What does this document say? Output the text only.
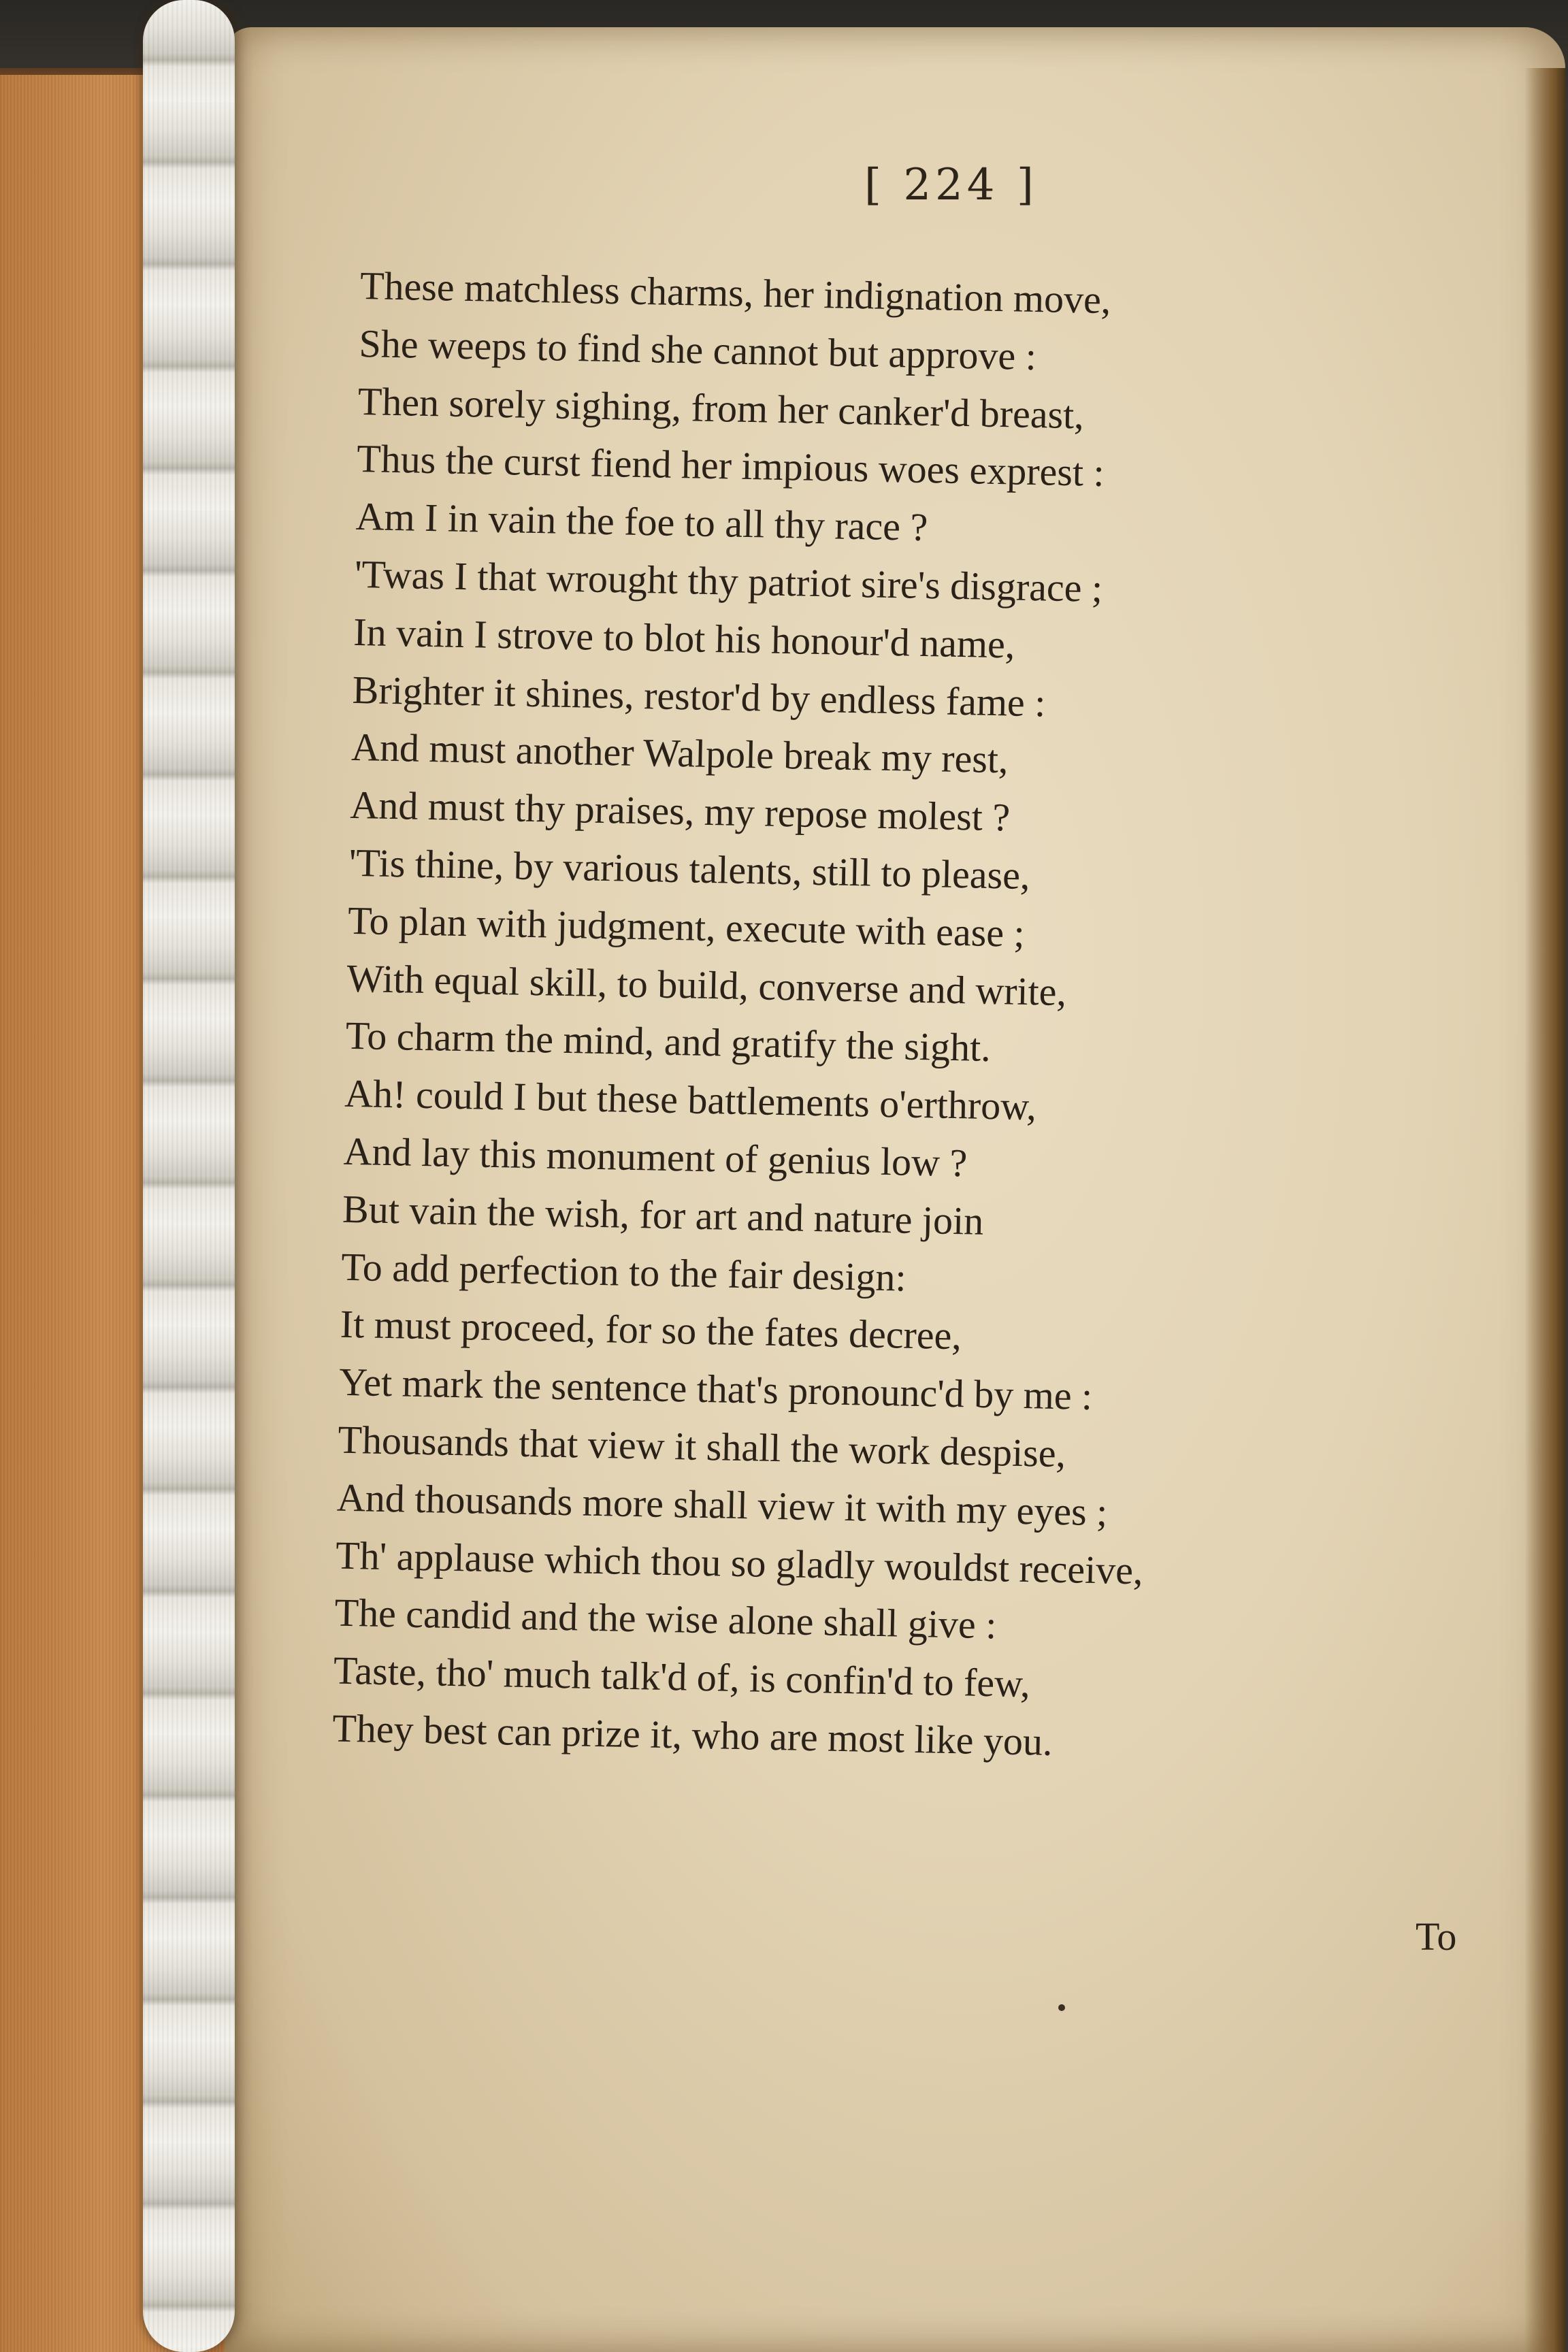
[ 224 ]
These matchless charms, her indignation move,
She weeps to find she cannot but approve :
Then sorely sighing, from her canker'd breast,
Thus the curst fiend her impious woes exprest :
Am I in vain the foe to all thy race ?
'Twas I that wrought thy patriot sire's disgrace ;
In vain I strove to blot his honour'd name,
Brighter it shines, restor'd by endless fame :
And must another Walpole break my rest,
And must thy praises, my repose molest ?
'Tis thine, by various talents, still to please,
To plan with judgment, execute with ease ;
With equal skill, to build, converse and write,
To charm the mind, and gratify the sight.
Ah! could I but these battlements o'erthrow,
And lay this monument of genius low ?
But vain the wish, for art and nature join
To add perfection to the fair design:
It must proceed, for so the fates decree,
Yet mark the sentence that's pronounc'd by me :
Thousands that view it shall the work despise,
And thousands more shall view it with my eyes ;
Th' applause which thou so gladly wouldst receive,
The candid and the wise alone shall give :
Taste, tho' much talk'd of, is confin'd to few,
They best can prize it, who are most like you.
To
